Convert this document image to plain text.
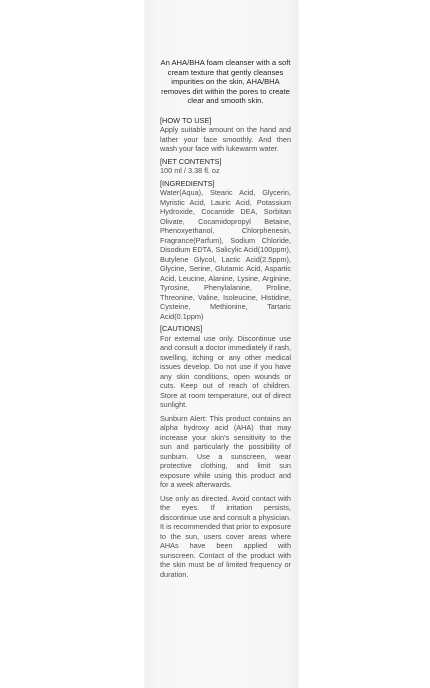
An AHA/BHA foam cleanser with a soft cream texture that gently cleanses impurities on the skin, AHA/BHA removes dirt within the pores to create clear and smooth skin.

[HOW TO USE]
Apply suitable amount on the hand and lather your face smoothly. And then wash your face with lukewarm water.
[NET CONTENTS]
100 ml / 3.38 fl. oz
[INGREDIENTS]
Water(Aqua), Stearic Acid, Glycerin, Myristic Acid, Lauric Acid, Potassium Hydroxide, Cocamide DEA, Sorbitan Olivate, Cocamidopropyl Betaine, Phenoxyethanol, Chlorphenesin, Fragrance(Parfum), Sodium Chloride, Disodium EDTA, Salicylic Acid(100ppm), Butylene Glycol, Lactic Acid(2.5ppm), Glycine, Serine, Glutamic Acid, Aspartic Acid, Leucine, Alanine, Lysine, Arginine, Tyrosine, Phenylalanine, Proline, Threonine, Valine, Isoleucine, Histidine, Cysteine, Methionine, Tartaric Acid(0.1ppm)
[CAUTIONS]

For external use only. Discontinue use and consult a doctor immediately if rash, swelling, itching or any other medical issues develop. Do not use if you have any skin conditions, open wounds or cuts. Keep out of reach of children. Store at room temperature, out of direct sunlight.

Sunburn Alert: This product contains an alpha hydroxy acid (AHA) that may increase your skin's sensitivity to the sun and particularly the possibility of sunburn. Use a sunscreen, wear protective clothing, and limit sun exposure while using this product and for a week afterwards.

Use only as directed. Avoid contact with the eyes. If irritation persists, discontinue use and consult a physician. It is recommended that prior to exposure to the sun, users cover areas where AHAs have been applied with sunscreen. Contact of the product with the skin must be of limited frequency or duration.
